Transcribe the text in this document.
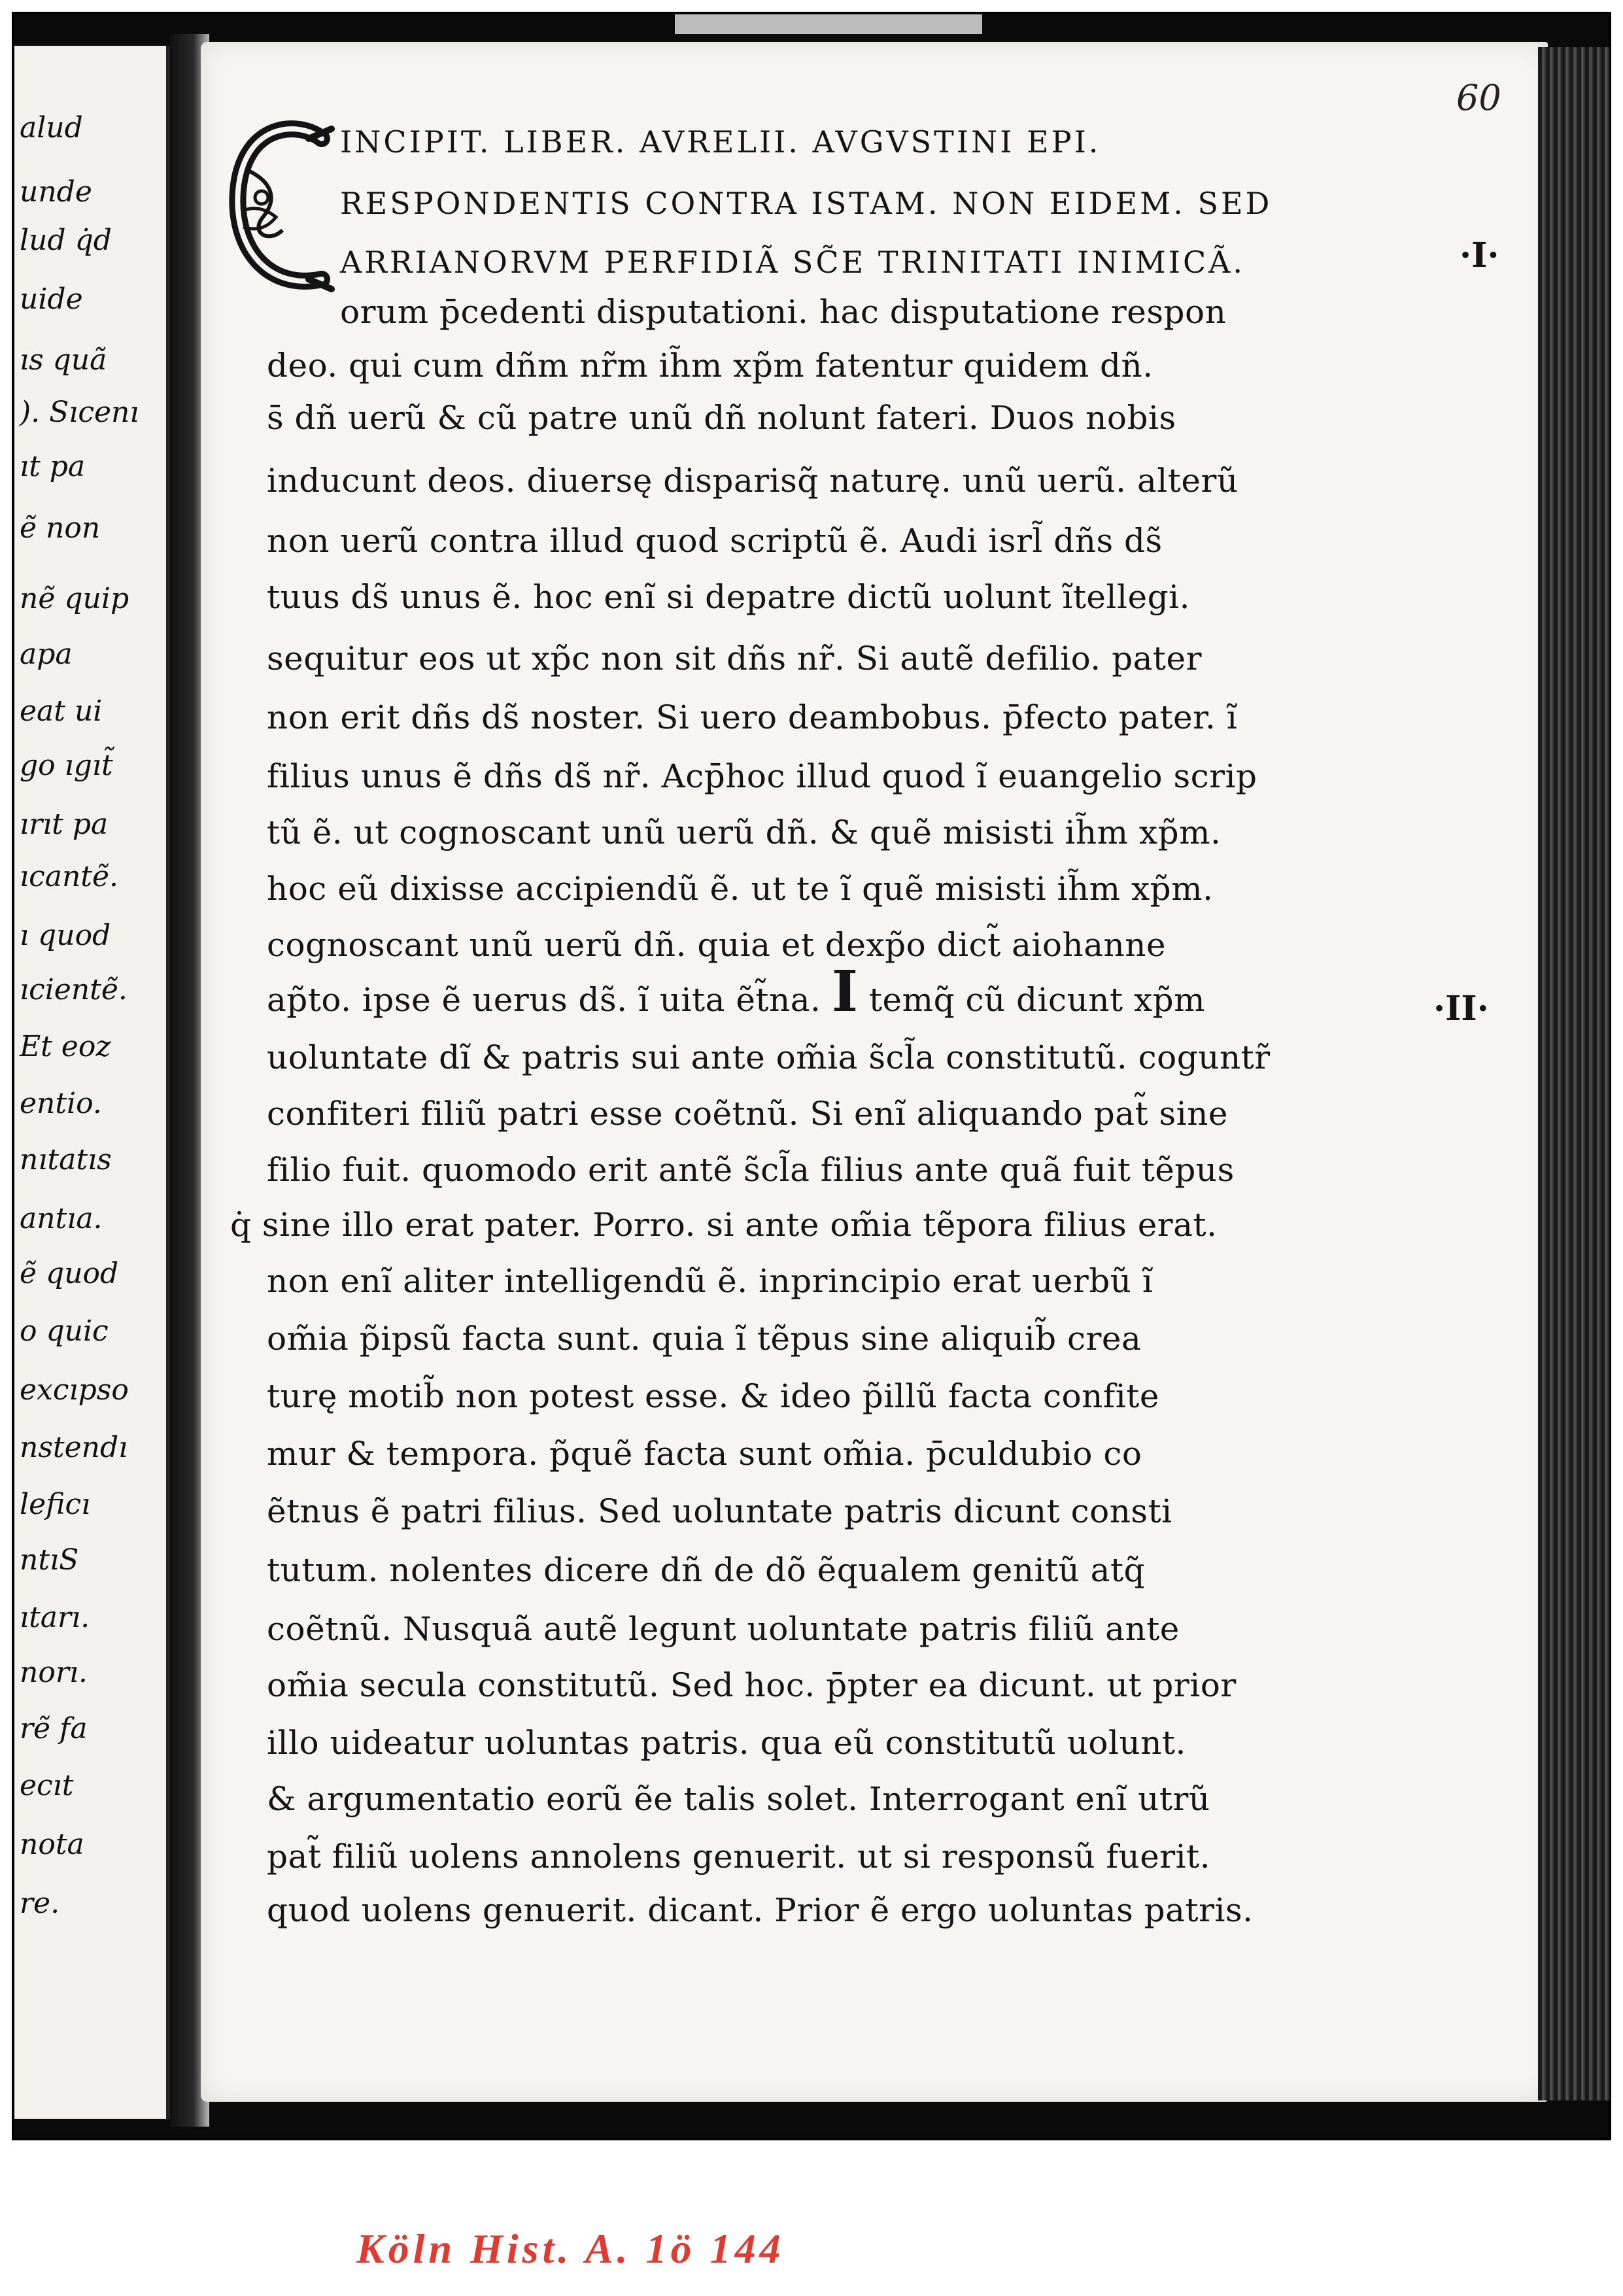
alud
unde
lud q̇d
uide
ıs quã
). Sıcenı
ıt pa
ẽ non
nẽ quip
apa
eat ui
go ıgıt̃
ırıt pa
ıcantẽ.
ı quod
ıcientẽ.
Et eoz
entio.
nıtatıs
antıa.
ẽ quod
o quic
excıpso
nstendı
leficı
ntıS
ıtarı.
norı.
rẽ fa
ecıt
nota
re.
60
INCIPIT. LIBER. AVRELII. AVGVSTINI EPI.
RESPONDENTIS CONTRA ISTAM. NON EIDEM. SED
ARRIANORVM PERFIDIÃ SC̃E TRINITATI INIMICÃ.	·I·
·II·
orum p̄cedenti disputationi. hac disputatione respon
deo. qui cum dñm nr̃m ih̃m xp̃m fatentur quidem dñ.
s̄ dñ uerũ & cũ patre unũ dñ nolunt fateri. Duos nobis
inducunt deos. diuersę disparisq̃ naturę. unũ uerũ. alterũ
non uerũ contra illud quod scriptũ ẽ. Audi isrl̃ dñs ds̃
tuus ds̃ unus ẽ. hoc enĩ si depatre dictũ uolunt ĩtellegi.
sequitur eos ut xp̃c non sit dñs nr̃. Si autẽ defilio. pater
non erit dñs ds̃ noster. Si uero deambobus. p̄fecto pater. ĩ
filius unus ẽ dñs ds̃ nr̃. Acp̄hoc illud quod ĩ euangelio scrip
tũ ẽ. ut cognoscant unũ uerũ dñ. & quẽ misisti ih̃m xp̃m.
hoc eũ dixisse accipiendũ ẽ. ut te ĩ quẽ misisti ih̃m xp̃m.
cognoscant unũ uerũ dñ. quia et dexp̃o dict̃ aiohanne
ap̃to. ipse ẽ uerus ds̃. ĩ uita ẽt̃na. I temq̃ cũ dicunt xp̃m
uoluntate dĩ & patris sui ante om̃ia s̃cl̃a constitutũ. coguntr̃
confiteri filiũ patri esse coẽtnũ. Si enĩ aliquando pat̃ sine
filio fuit. quomodo erit antẽ s̃cl̃a filius ante quã fuit tẽpus
q̇ sine illo erat pater. Porro. si ante om̃ia tẽpora filius erat.
non enĩ aliter intelligendũ ẽ. inprincipio erat uerbũ ĩ
om̃ia p̃ipsũ facta sunt. quia ĩ tẽpus sine aliquib̃ crea
turę motib̃ non potest esse. & ideo p̃illũ facta confite
mur & tempora. p̃quẽ facta sunt om̃ia. p̄culdubio co
ẽtnus ẽ patri filius. Sed uoluntate patris dicunt consti
tutum. nolentes dicere dñ de dõ ẽqualem genitũ atq̃
coẽtnũ. Nusquã autẽ legunt uoluntate patris filiũ ante
om̃ia secula constitutũ. Sed hoc. p̄pter ea dicunt. ut prior
illo uideatur uoluntas patris. qua eũ constitutũ uolunt.
& argumentatio eorũ ẽe talis solet. Interrogant enĩ utrũ
pat̃ filiũ uolens annolens genuerit. ut si responsũ fuerit.
quod uolens genuerit. dicant. Prior ẽ ergo uoluntas patris.
Köln Hist. A. 1ö 144
